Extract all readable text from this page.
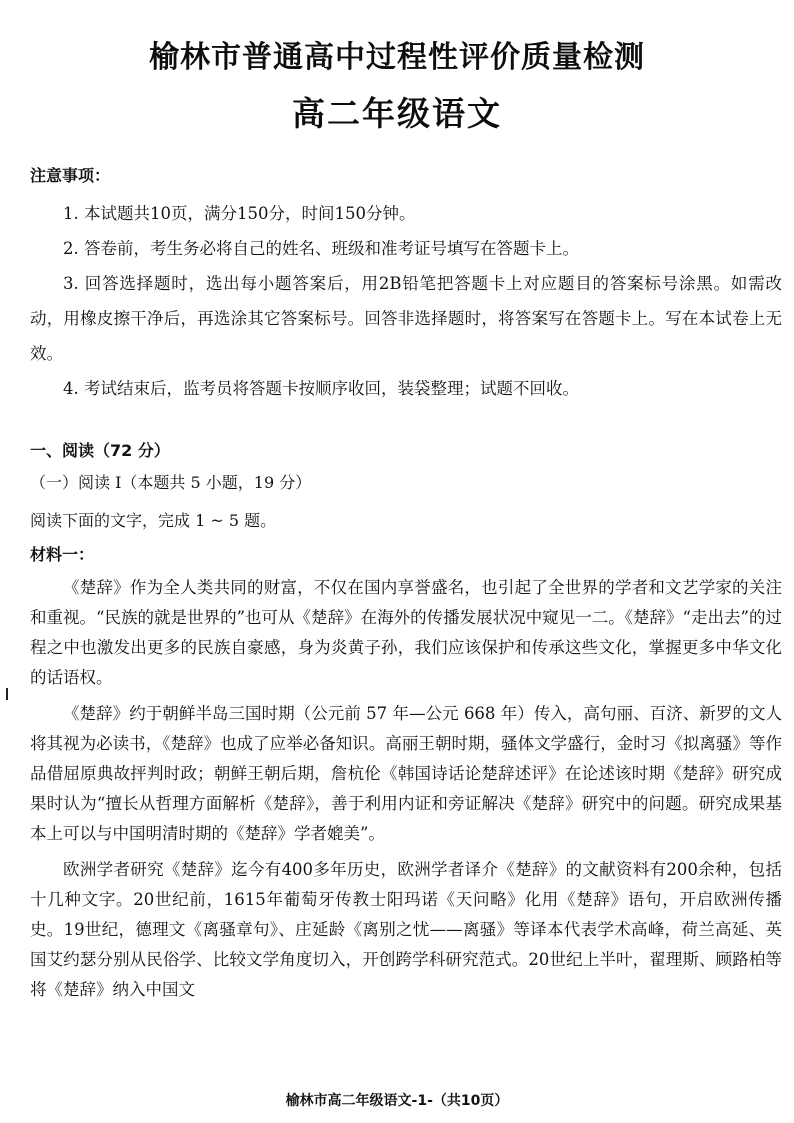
榆林市普通高中过程性评价质量检测
高二年级语文
注意事项：

1. 本试题共10页，满分150分，时间150分钟。

2. 答卷前，考生务必将自己的姓名、班级和准考证号填写在答题卡上。

3. 回答选择题时，选出每小题答案后，用2B铅笔把答题卡上对应题目的答案标号涂黑。如需改动，用橡皮擦干净后，再选涂其它答案标号。回答非选择题时，将答案写在答题卡上。写在本试卷上无效。

4. 考试结束后，监考员将答题卡按顺序收回，装袋整理；试题不回收。

一、阅读（72 分）
（一）阅读 Ⅰ（本题共 5 小题，19 分）
阅读下面的文字，完成 1 ~ 5 题。
材料一：

《楚辞》作为全人类共同的财富，不仅在国内享誉盛名，也引起了全世界的学者和文艺学家的关注和重视。“民族的就是世界的”也可从《楚辞》在海外的传播发展状况中窥见一二。《楚辞》“走出去”的过程之中也激发出更多的民族自豪感，身为炎黄子孙，我们应该保护和传承这些文化，掌握更多中华文化的话语权。

《楚辞》约于朝鲜半岛三国时期（公元前 57 年—公元 668 年）传入，高句丽、百济、新罗的文人将其视为必读书，《楚辞》也成了应举必备知识。高丽王朝时期，骚体文学盛行，金时习《拟离骚》等作品借屈原典故抨判时政；朝鲜王朝后期，詹杭伦《韩国诗话论楚辞述评》在论述该时期《楚辞》研究成果时认为“擅长从哲理方面解析《楚辞》，善于利用内证和旁证解决《楚辞》研究中的问题。研究成果基本上可以与中国明清时期的《楚辞》学者媲美”。

欧洲学者研究《楚辞》迄今有400多年历史，欧洲学者译介《楚辞》的文献资料有200余种，包括十几种文字。20世纪前，1615年葡萄牙传教士阳玛诺《天问略》化用《楚辞》语句，开启欧洲传播史。19世纪，德理文《离骚章句》、庄延龄《离别之忧——离骚》等译本代表学术高峰，荷兰高延、英国艾约瑟分别从民俗学、比较文学角度切入，开创跨学科研究范式。20世纪上半叶，翟理斯、顾路柏等将《楚辞》纳入中国文

榆林市高二年级语文-1-（共10页）
